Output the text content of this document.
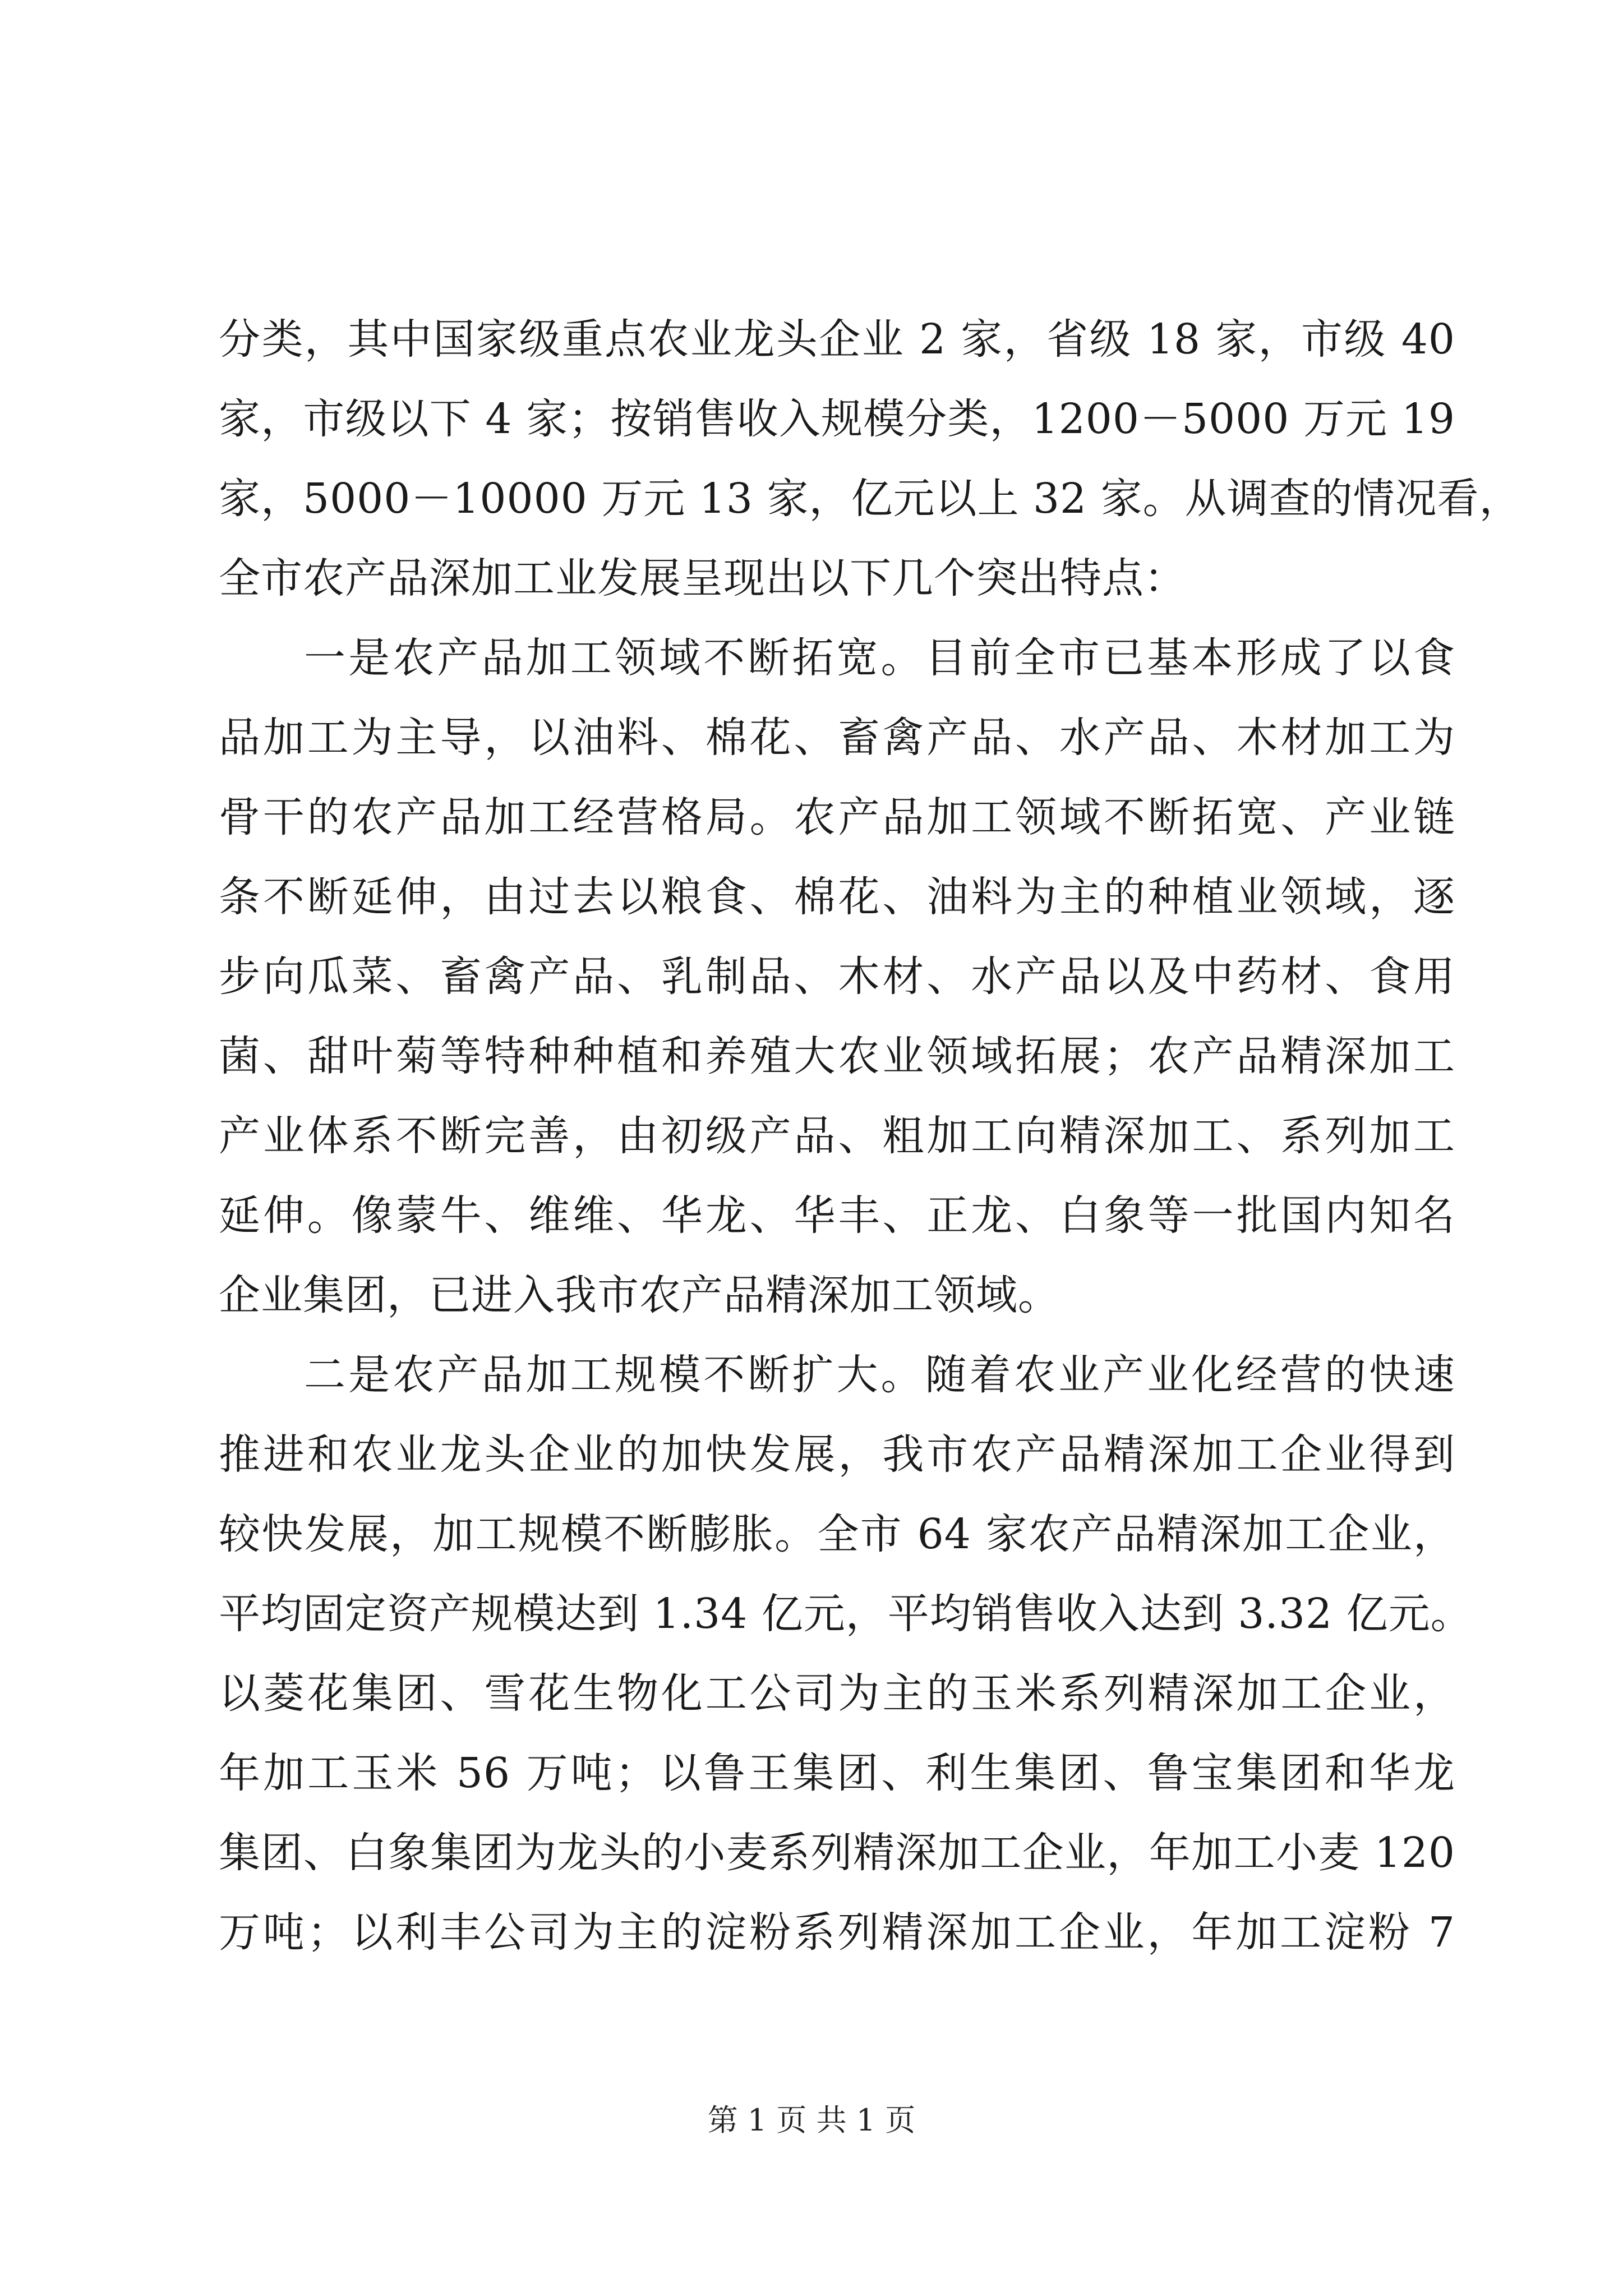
分类，其中国家级重点农业龙头企业 2 家，省级 18 家，市级 40
家，市级以下 4 家；按销售收入规模分类，1200－5000 万元 19
家，5000－10000 万元 13 家，亿元以上 32 家。从调查的情况看，
全市农产品深加工业发展呈现出以下几个突出特点：
一是农产品加工领域不断拓宽。目前全市已基本形成了以食
品加工为主导，以油料、棉花、畜禽产品、水产品、木材加工为
骨干的农产品加工经营格局。农产品加工领域不断拓宽、产业链
条不断延伸，由过去以粮食、棉花、油料为主的种植业领域，逐
步向瓜菜、畜禽产品、乳制品、木材、水产品以及中药材、食用
菌、甜叶菊等特种种植和养殖大农业领域拓展；农产品精深加工
产业体系不断完善，由初级产品、粗加工向精深加工、系列加工
延伸。像蒙牛、维维、华龙、华丰、正龙、白象等一批国内知名
企业集团，已进入我市农产品精深加工领域。
二是农产品加工规模不断扩大。随着农业产业化经营的快速
推进和农业龙头企业的加快发展，我市农产品精深加工企业得到
较快发展，加工规模不断膨胀。全市 64 家农产品精深加工企业，
平均固定资产规模达到 1.34 亿元，平均销售收入达到 3.32 亿元。
以菱花集团、雪花生物化工公司为主的玉米系列精深加工企业，
年加工玉米 56 万吨；以鲁王集团、利生集团、鲁宝集团和华龙
集团、白象集团为龙头的小麦系列精深加工企业，年加工小麦 120
万吨；以利丰公司为主的淀粉系列精深加工企业，年加工淀粉 7
第 1 页 共 1 页
